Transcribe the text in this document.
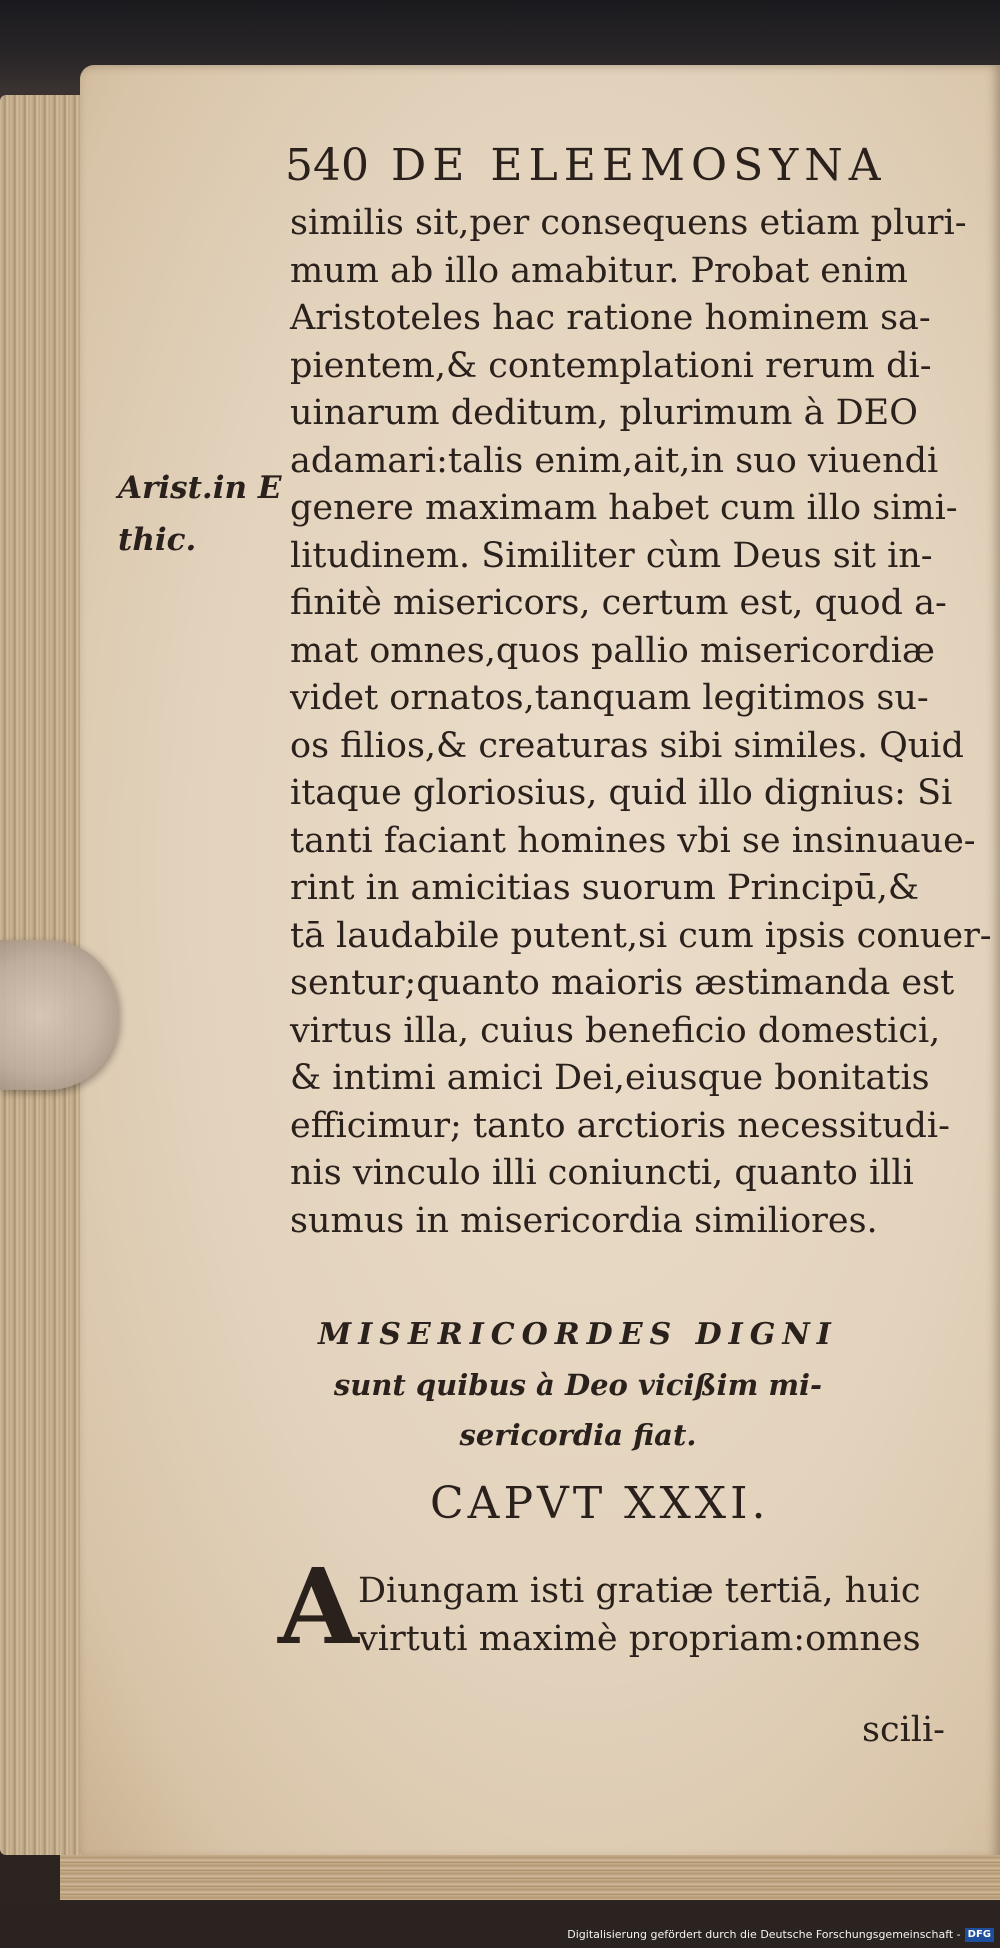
540 DE ELEEMOSYNA
Arist.in E
thic.
similis sit,per consequens etiam pluri-
mum ab illo amabitur. Probat enim
Aristoteles hac ratione hominem sa-
pientem,& contemplationi rerum di-
uinarum deditum, plurimum à DEO
adamari:talis enim,ait,in suo viuendi
genere maximam habet cum illo simi-
litudinem. Similiter cùm Deus sit in-
finitè misericors, certum est, quod a-
mat omnes,quos pallio misericordiæ
videt ornatos,tanquam legitimos su-
os filios,& creaturas sibi similes. Quid
itaque gloriosius, quid illo dignius: Si
tanti faciant homines vbi se insinuaue-
rint in amicitias suorum Principū,&
tā laudabile putent,si cum ipsis conuer-
sentur;quanto maioris æstimanda est
virtus illa, cuius beneficio domestici,
& intimi amici Dei,eiusque bonitatis
efficimur; tanto arctioris necessitudi-
nis vinculo illi coniuncti, quanto illi
sumus in misericordia similiores.
MISERICORDES DIGNI
sunt quibus à Deo vicißim mi-
sericordia fiat.
CAPVT XXXI.
A Diungam isti gratiæ tertiā, huic
virtuti maximè propriam:omnes
scili-
Digitalisierung gefördert durch die Deutsche Forschungsgemeinschaft - DFG
